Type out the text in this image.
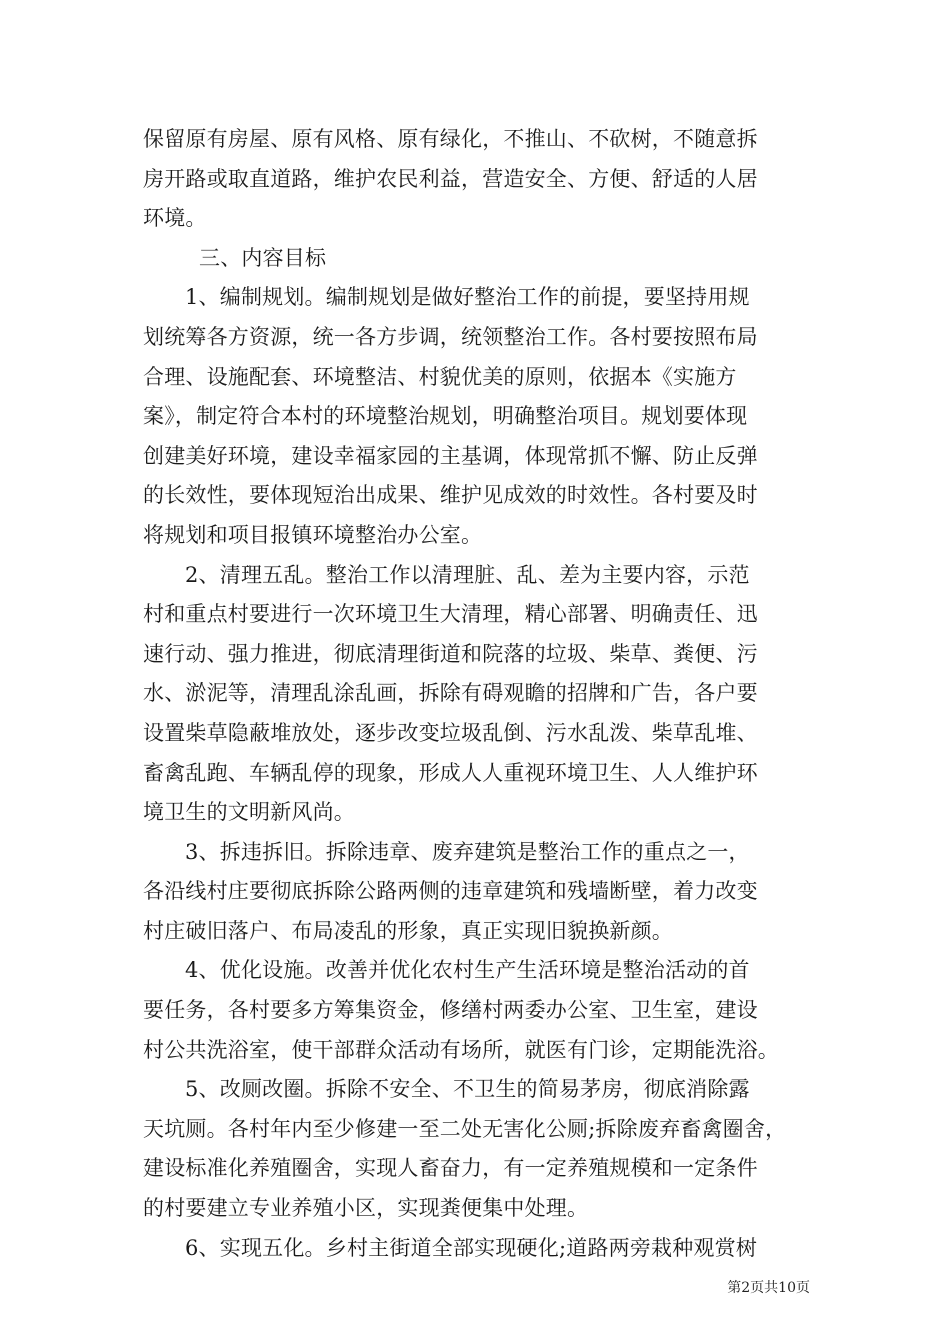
保留原有房屋、原有风格、原有绿化，不推山、不砍树，不随意拆
房开路或取直道路，维护农民利益，营造安全、方便、舒适的人居
环境。
三、内容目标
1、编制规划。编制规划是做好整治工作的前提，要坚持用规
划统筹各方资源，统一各方步调，统领整治工作。各村要按照布局
合理、设施配套、环境整洁、村貌优美的原则，依据本《实施方
案》，制定符合本村的环境整治规划，明确整治项目。规划要体现
创建美好环境，建设幸福家园的主基调，体现常抓不懈、防止反弹
的长效性，要体现短治出成果、维护见成效的时效性。各村要及时
将规划和项目报镇环境整治办公室。
2、清理五乱。整治工作以清理脏、乱、差为主要内容，示范
村和重点村要进行一次环境卫生大清理，精心部署、明确责任、迅
速行动、强力推进，彻底清理街道和院落的垃圾、柴草、粪便、污
水、淤泥等，清理乱涂乱画，拆除有碍观瞻的招牌和广告，各户要
设置柴草隐蔽堆放处，逐步改变垃圾乱倒、污水乱泼、柴草乱堆、
畜禽乱跑、车辆乱停的现象，形成人人重视环境卫生、人人维护环
境卫生的文明新风尚。
3、拆违拆旧。拆除违章、废弃建筑是整治工作的重点之一，
各沿线村庄要彻底拆除公路两侧的违章建筑和残墙断壁，着力改变
村庄破旧落户、布局凌乱的形象，真正实现旧貌换新颜。
4、优化设施。改善并优化农村生产生活环境是整治活动的首
要任务，各村要多方筹集资金，修缮村两委办公室、卫生室，建设
村公共洗浴室，使干部群众活动有场所，就医有门诊，定期能洗浴。
5、改厕改圈。拆除不安全、不卫生的简易茅房，彻底消除露
天坑厕。各村年内至少修建一至二处无害化公厕;拆除废弃畜禽圈舍，
建设标准化养殖圈舍，实现人畜奋力，有一定养殖规模和一定条件
的村要建立专业养殖小区，实现粪便集中处理。
6、实现五化。乡村主街道全部实现硬化;道路两旁栽种观赏树
第2页共10页
